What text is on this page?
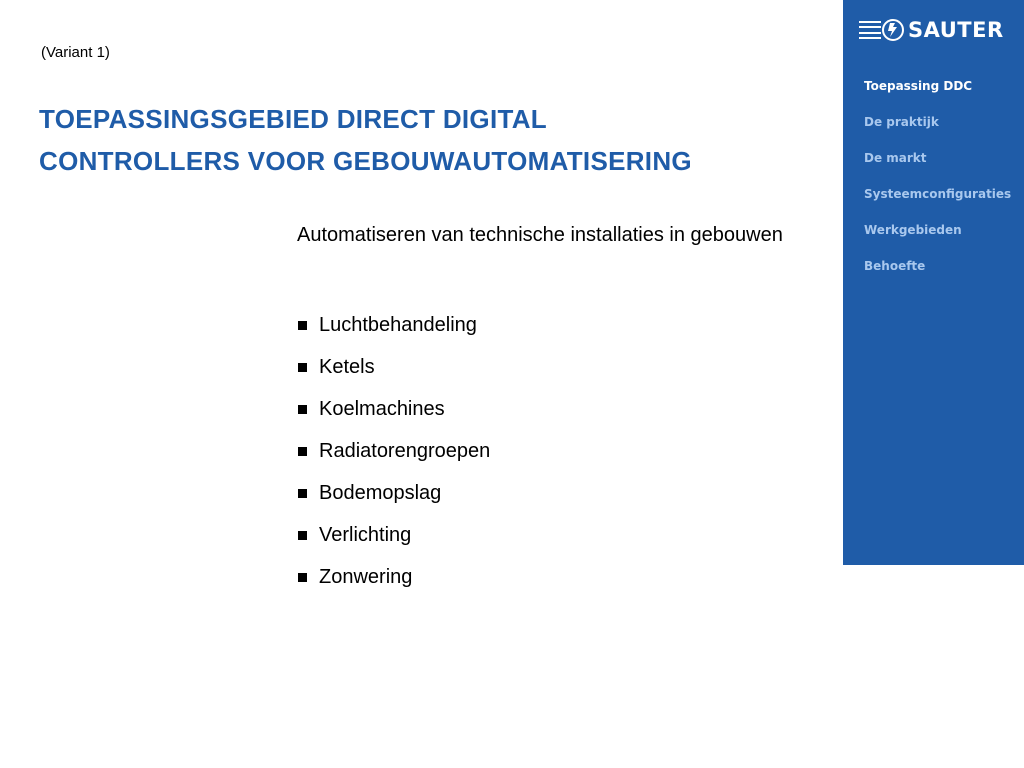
(Variant 1)
TOEPASSINGSGEBIED DIRECT DIGITAL
CONTROLLERS VOOR GEBOUWAUTOMATISERING
Automatiseren van technische installaties in gebouwen
Luchtbehandeling
Ketels
Koelmachines
Radiatorengroepen
Bodemopslag
Verlichting
Zonwering
SAUTER
Toepassing DDC
De praktijk
De markt
Systeemconfiguraties
Werkgebieden
Behoefte
